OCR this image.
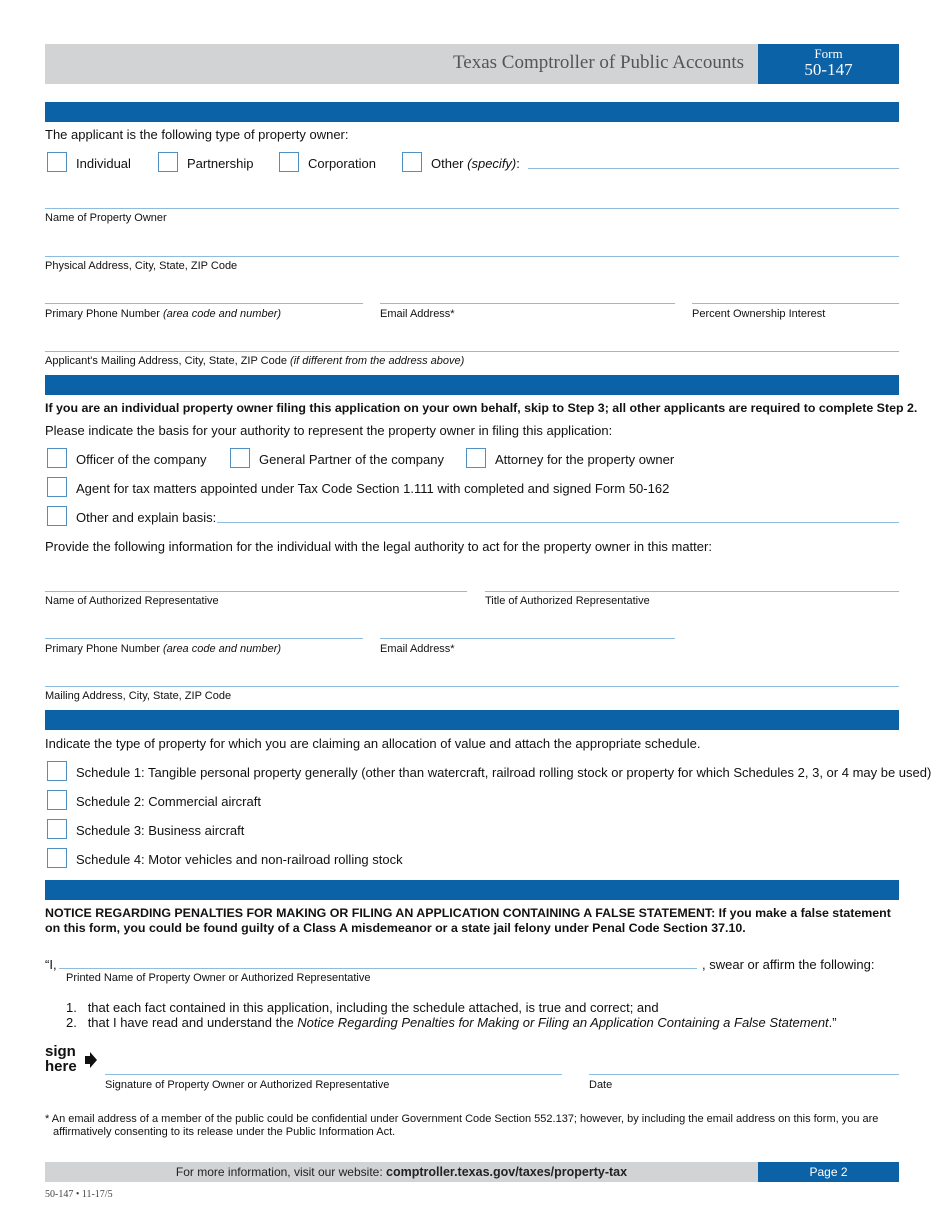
Texas Comptroller of Public Accounts	Form
50-147
The applicant is the following type of property owner:
Individual	Partnership	Corporation	Other (specify):
Name of Property Owner
Physical Address, City, State, ZIP Code
Primary Phone Number (area code and number)	Email Address*	Percent Ownership Interest
Applicant's Mailing Address, City, State, ZIP Code (if different from the address above)
If you are an individual property owner filing this application on your own behalf, skip to Step 3; all other applicants are required to complete Step 2.
Please indicate the basis for your authority to represent the property owner in filing this application:
Officer of the company	General Partner of the company	Attorney for the property owner
Agent for tax matters appointed under Tax Code Section 1.111 with completed and signed Form 50-162
Other and explain basis:
Provide the following information for the individual with the legal authority to act for the property owner in this matter:
Name of Authorized Representative	Title of Authorized Representative
Primary Phone Number (area code and number)	Email Address*
Mailing Address, City, State, ZIP Code
Indicate the type of property for which you are claiming an allocation of value and attach the appropriate schedule.
Schedule 1: Tangible personal property generally (other than watercraft, railroad rolling stock or property for which Schedules 2, 3, or 4 may be used)
Schedule 2: Commercial aircraft
Schedule 3: Business aircraft
Schedule 4: Motor vehicles and non-railroad rolling stock
NOTICE REGARDING PENALTIES FOR MAKING OR FILING AN APPLICATION CONTAINING A FALSE STATEMENT: If you make a false statement
on this form, you could be found guilty of a Class A misdemeanor or a state jail felony under Penal Code Section 37.10.
“I,	, swear or affirm the following:
Printed Name of Property Owner or Authorized Representative
1. that each fact contained in this application, including the schedule attached, is true and correct; and
2. that I have read and understand the Notice Regarding Penalties for Making or Filing an Application Containing a False Statement.”
sign
here
Signature of Property Owner or Authorized Representative	Date
* An email address of a member of the public could be confidential under Government Code Section 552.137; however, by including the email address on this form, you are
affirmatively consenting to its release under the Public Information Act.
For more information, visit our website: comptroller.texas.gov/taxes/property-tax	Page 2
50-147 • 11-17/5
